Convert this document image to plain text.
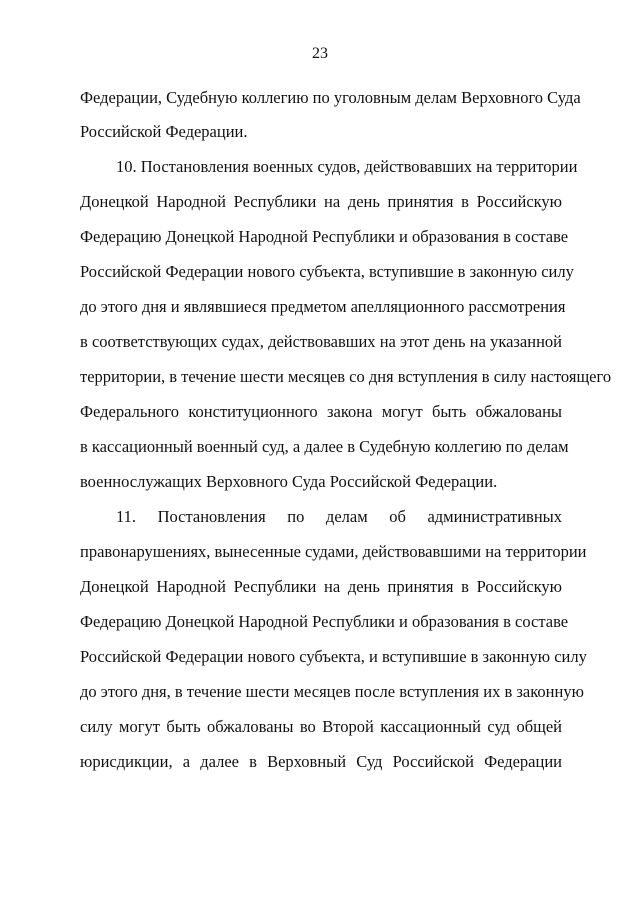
23
Федерации, Судебную коллегию по уголовным делам Верховного Суда
Российской Федерации.
10. Постановления военных судов, действовавших на территории
Донецкой Народной Республики на день принятия в Российскую
Федерацию Донецкой Народной Республики и образования в составе
Российской Федерации нового субъекта, вступившие в законную силу
до этого дня и являвшиеся предметом апелляционного рассмотрения
в соответствующих судах, действовавших на этот день на указанной
территории, в течение шести месяцев со дня вступления в силу настоящего
Федерального конституционного закона могут быть обжалованы
в кассационный военный суд, а далее в Судебную коллегию по делам
военнослужащих Верховного Суда Российской Федерации.
11. Постановления по делам об административных
правонарушениях, вынесенные судами, действовавшими на территории
Донецкой Народной Республики на день принятия в Российскую
Федерацию Донецкой Народной Республики и образования в составе
Российской Федерации нового субъекта, и вступившие в законную силу
до этого дня, в течение шести месяцев после вступления их в законную
силу могут быть обжалованы во Второй кассационный суд общей
юрисдикции, а далее в Верховный Суд Российской Федерации
